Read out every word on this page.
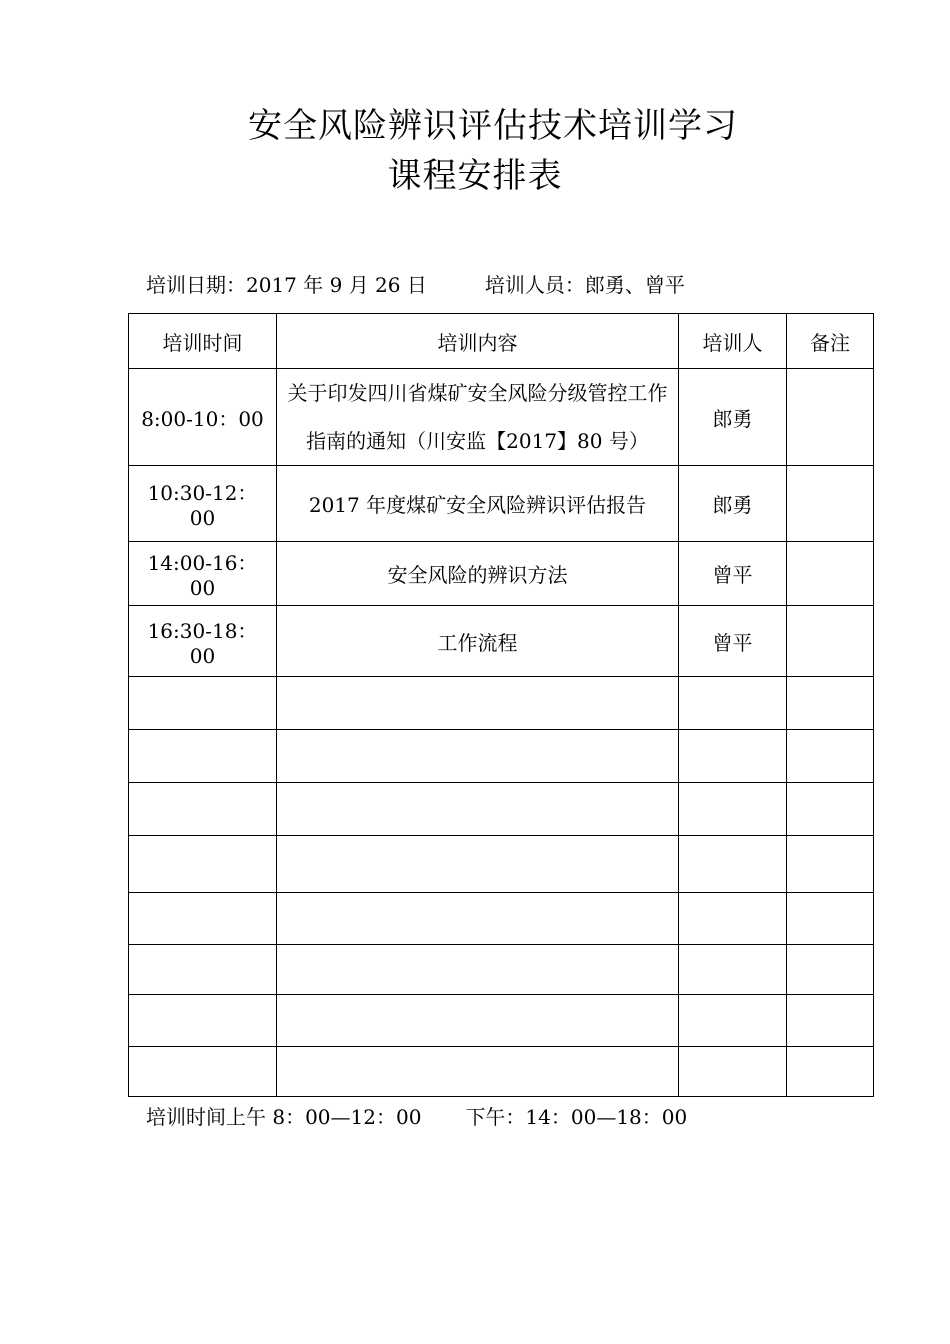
安全风险辨识评估技术培训学习
课程安排表
培训日期：2017 年 9 月 26 日	培训人员：郎勇、曾平
培训时间	培训内容	培训人	备注
8:00-10：00	关于印发四川省煤矿安全风险分级管控工作指南的通知（川安监【2017】80 号）	郎勇	
10:30-12：00	2017 年度煤矿安全风险辨识评估报告	郎勇	
14:00-16：00	安全风险的辨识方法	曾平	
16:30-18：00	工作流程	曾平	

培训时间上午 8：00—12：00 下午：14：00—18：00
